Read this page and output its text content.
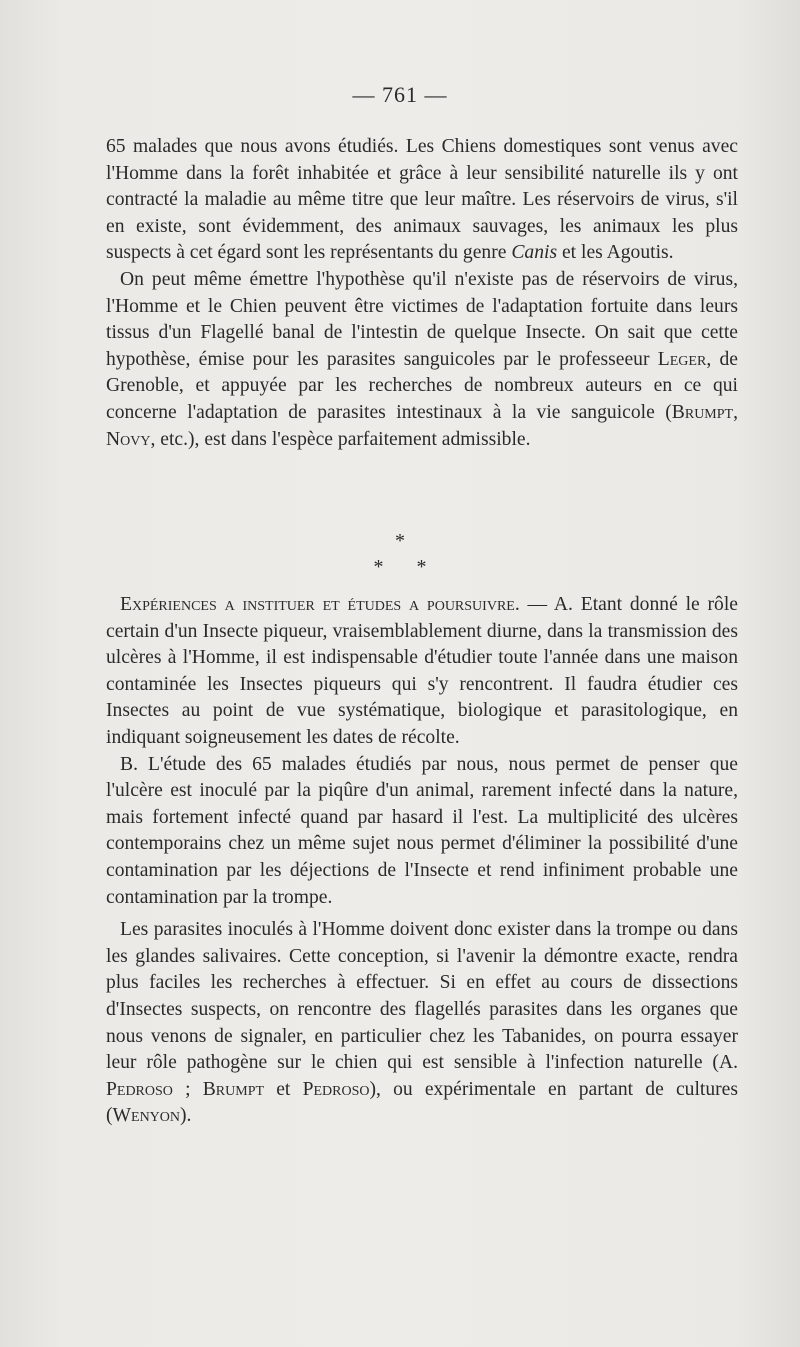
— 761 —

65 malades que nous avons étudiés. Les Chiens domestiques sont venus avec l'Homme dans la forêt inhabitée et grâce à leur sensibilité naturelle ils y ont contracté la maladie au même titre que leur maître. Les réservoirs de virus, s'il en existe, sont évidemment, des animaux sauvages, les animaux les plus suspects à cet égard sont les représentants du genre Canis et les Agoutis.

On peut même émettre l'hypothèse qu'il n'existe pas de réservoirs de virus, l'Homme et le Chien peuvent être victimes de l'adaptation fortuite dans leurs tissus d'un Flagellé banal de l'intestin de quelque Insecte. On sait que cette hypothèse, émise pour les parasites sanguicoles par le professeeur Leger, de Grenoble, et appuyée par les recherches de nombreux auteurs en ce qui concerne l'adaptation de parasites intestinaux à la vie sanguicole (Brumpt, Novy, etc.), est dans l'espèce parfaitement admissible.

*
* *

Expériences a instituer et études a poursuivre. — A. Etant donné le rôle certain d'un Insecte piqueur, vraisemblablement diurne, dans la transmission des ulcères à l'Homme, il est indispensable d'étudier toute l'année dans une maison contaminée les Insectes piqueurs qui s'y rencontrent. Il faudra étudier ces Insectes au point de vue systématique, biologique et parasitologique, en indiquant soigneusement les dates de récolte.

B. L'étude des 65 malades étudiés par nous, nous permet de penser que l'ulcère est inoculé par la piqûre d'un animal, rarement infecté dans la nature, mais fortement infecté quand par hasard il l'est. La multiplicité des ulcères contemporains chez un même sujet nous permet d'éliminer la possibilité d'une contamination par les déjections de l'Insecte et rend infiniment probable une contamination par la trompe.

Les parasites inoculés à l'Homme doivent donc exister dans la trompe ou dans les glandes salivaires. Cette conception, si l'avenir la démontre exacte, rendra plus faciles les recherches à effectuer. Si en effet au cours de dissections d'Insectes suspects, on rencontre des flagellés parasites dans les organes que nous venons de signaler, en particulier chez les Tabanides, on pourra essayer leur rôle pathogène sur le chien qui est sensible à l'infection naturelle (A. Pedroso ; Brumpt et Pedroso), ou expérimentale en partant de cultures (Wenyon).
